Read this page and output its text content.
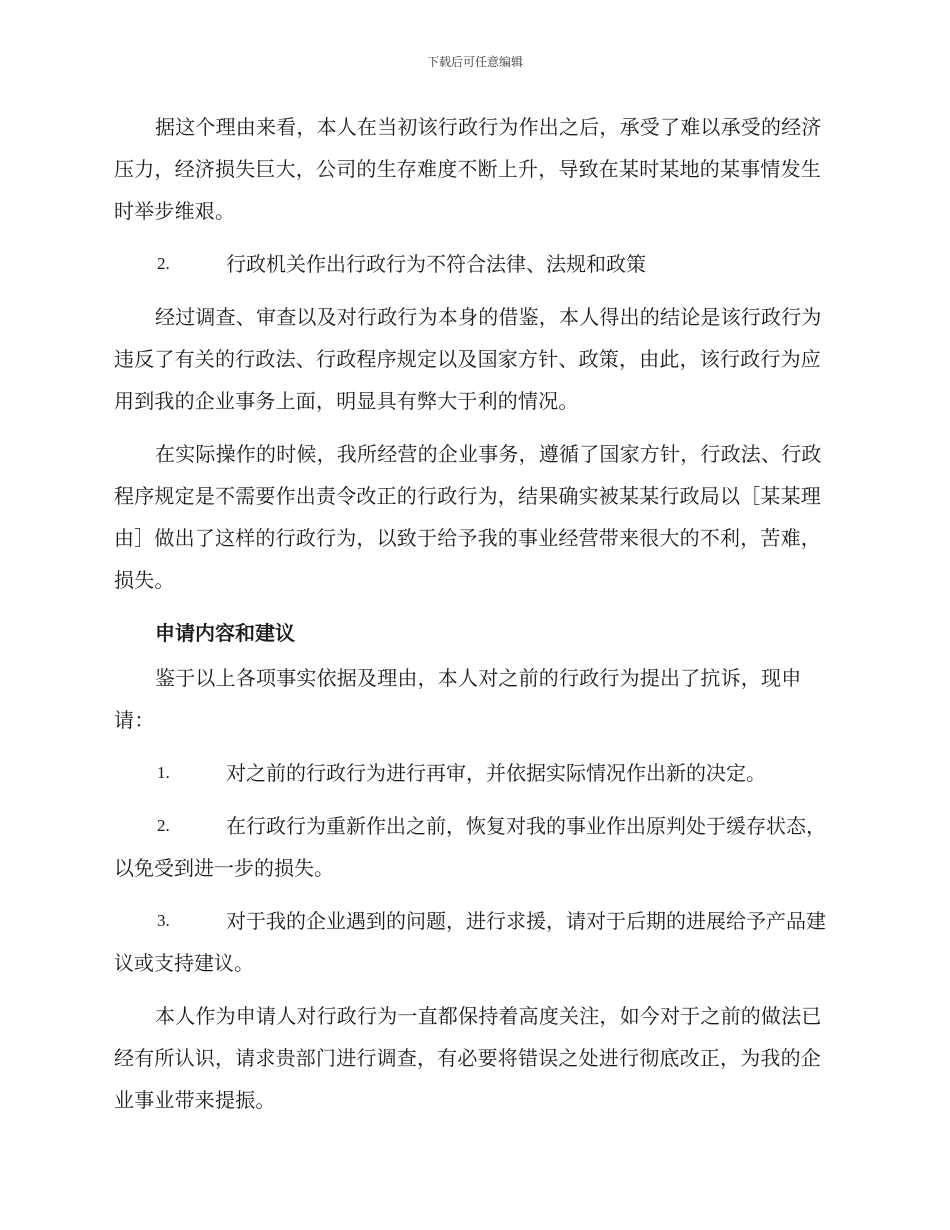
下载后可任意编辑

据这个理由来看，本人在当初该行政行为作出之后，承受了难以承受的经济压力，经济损失巨大，公司的生存难度不断上升，导致在某时某地的某事情发生时举步维艰。

2.	行政机关作出行政行为不符合法律、法规和政策

经过调查、审查以及对行政行为本身的借鉴，本人得出的结论是该行政行为违反了有关的行政法、行政程序规定以及国家方针、政策，由此，该行政行为应用到我的企业事务上面，明显具有弊大于利的情况。

在实际操作的时候，我所经营的企业事务，遵循了国家方针，行政法、行政程序规定是不需要作出责令改正的行政行为，结果确实被某某行政局以［某某理由］做出了这样的行政行为，以致于给予我的事业经营带来很大的不利，苦难，损失。

申请内容和建议

鉴于以上各项事实依据及理由，本人对之前的行政行为提出了抗诉，现申请：

1.	对之前的行政行为进行再审，并依据实际情况作出新的决定。
2.	在行政行为重新作出之前，恢复对我的事业作出原判处于缓存状态，以免受到进一步的损失。
3.	对于我的企业遇到的问题，进行求援，请对于后期的进展给予产品建议或支持建议。

本人作为申请人对行政行为一直都保持着高度关注，如今对于之前的做法已经有所认识，请求贵部门进行调查，有必要将错误之处进行彻底改正，为我的企业事业带来提振。
